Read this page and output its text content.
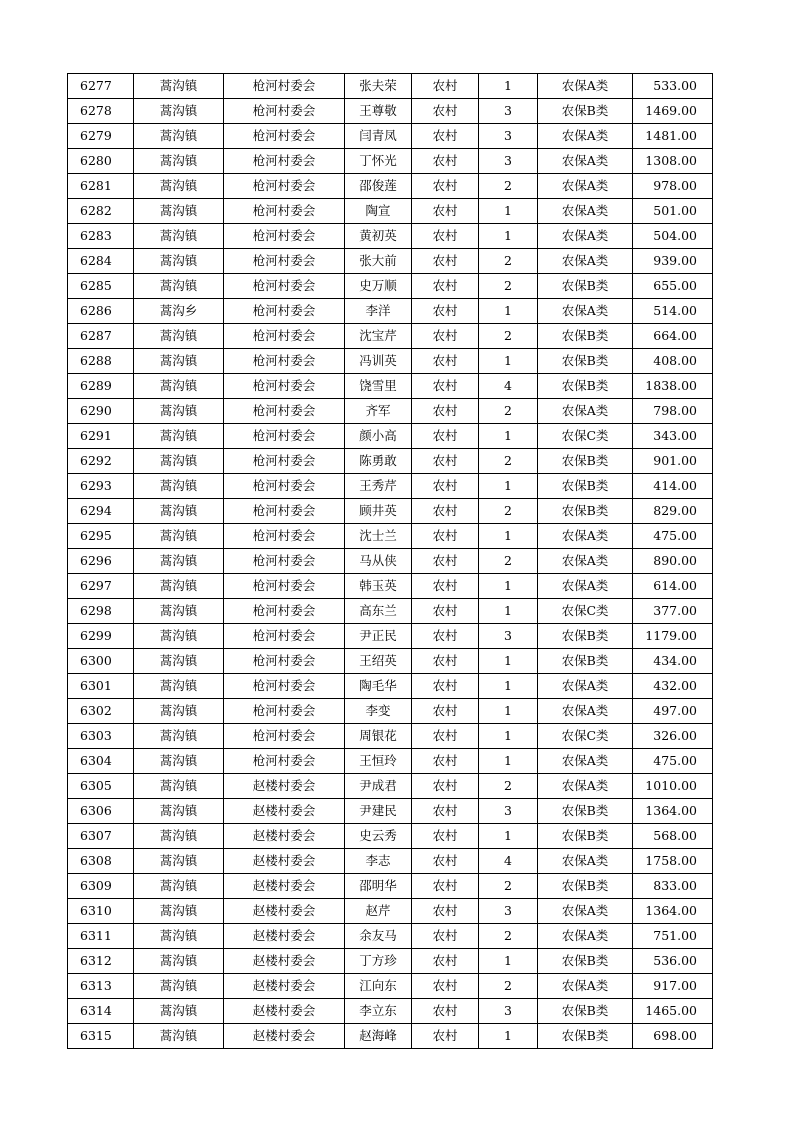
6277	蒿沟镇	枪河村委会	张夫荣	农村	1	农保A类	533.00
6278	蒿沟镇	枪河村委会	王尊敬	农村	3	农保B类	1469.00
6279	蒿沟镇	枪河村委会	闫青凤	农村	3	农保A类	1481.00
6280	蒿沟镇	枪河村委会	丁怀光	农村	3	农保A类	1308.00
6281	蒿沟镇	枪河村委会	邵俊莲	农村	2	农保A类	978.00
6282	蒿沟镇	枪河村委会	陶宣	农村	1	农保A类	501.00
6283	蒿沟镇	枪河村委会	黄初英	农村	1	农保A类	504.00
6284	蒿沟镇	枪河村委会	张大前	农村	2	农保A类	939.00
6285	蒿沟镇	枪河村委会	史万顺	农村	2	农保B类	655.00
6286	蒿沟乡	枪河村委会	李洋	农村	1	农保A类	514.00
6287	蒿沟镇	枪河村委会	沈宝芹	农村	2	农保B类	664.00
6288	蒿沟镇	枪河村委会	冯训英	农村	1	农保B类	408.00
6289	蒿沟镇	枪河村委会	饶雪里	农村	4	农保B类	1838.00
6290	蒿沟镇	枪河村委会	齐军	农村	2	农保A类	798.00
6291	蒿沟镇	枪河村委会	颜小高	农村	1	农保C类	343.00
6292	蒿沟镇	枪河村委会	陈勇敢	农村	2	农保B类	901.00
6293	蒿沟镇	枪河村委会	王秀芹	农村	1	农保B类	414.00
6294	蒿沟镇	枪河村委会	顾井英	农村	2	农保B类	829.00
6295	蒿沟镇	枪河村委会	沈士兰	农村	1	农保A类	475.00
6296	蒿沟镇	枪河村委会	马从侠	农村	2	农保A类	890.00
6297	蒿沟镇	枪河村委会	韩玉英	农村	1	农保A类	614.00
6298	蒿沟镇	枪河村委会	高东兰	农村	1	农保C类	377.00
6299	蒿沟镇	枪河村委会	尹正民	农村	3	农保B类	1179.00
6300	蒿沟镇	枪河村委会	王绍英	农村	1	农保B类	434.00
6301	蒿沟镇	枪河村委会	陶毛华	农村	1	农保A类	432.00
6302	蒿沟镇	枪河村委会	李变	农村	1	农保A类	497.00
6303	蒿沟镇	枪河村委会	周银花	农村	1	农保C类	326.00
6304	蒿沟镇	枪河村委会	王恒玲	农村	1	农保A类	475.00
6305	蒿沟镇	赵楼村委会	尹成君	农村	2	农保A类	1010.00
6306	蒿沟镇	赵楼村委会	尹建民	农村	3	农保B类	1364.00
6307	蒿沟镇	赵楼村委会	史云秀	农村	1	农保B类	568.00
6308	蒿沟镇	赵楼村委会	李志	农村	4	农保A类	1758.00
6309	蒿沟镇	赵楼村委会	邵明华	农村	2	农保B类	833.00
6310	蒿沟镇	赵楼村委会	赵芹	农村	3	农保A类	1364.00
6311	蒿沟镇	赵楼村委会	余友马	农村	2	农保A类	751.00
6312	蒿沟镇	赵楼村委会	丁方珍	农村	1	农保B类	536.00
6313	蒿沟镇	赵楼村委会	江向东	农村	2	农保A类	917.00
6314	蒿沟镇	赵楼村委会	李立东	农村	3	农保B类	1465.00
6315	蒿沟镇	赵楼村委会	赵海峰	农村	1	农保B类	698.00
